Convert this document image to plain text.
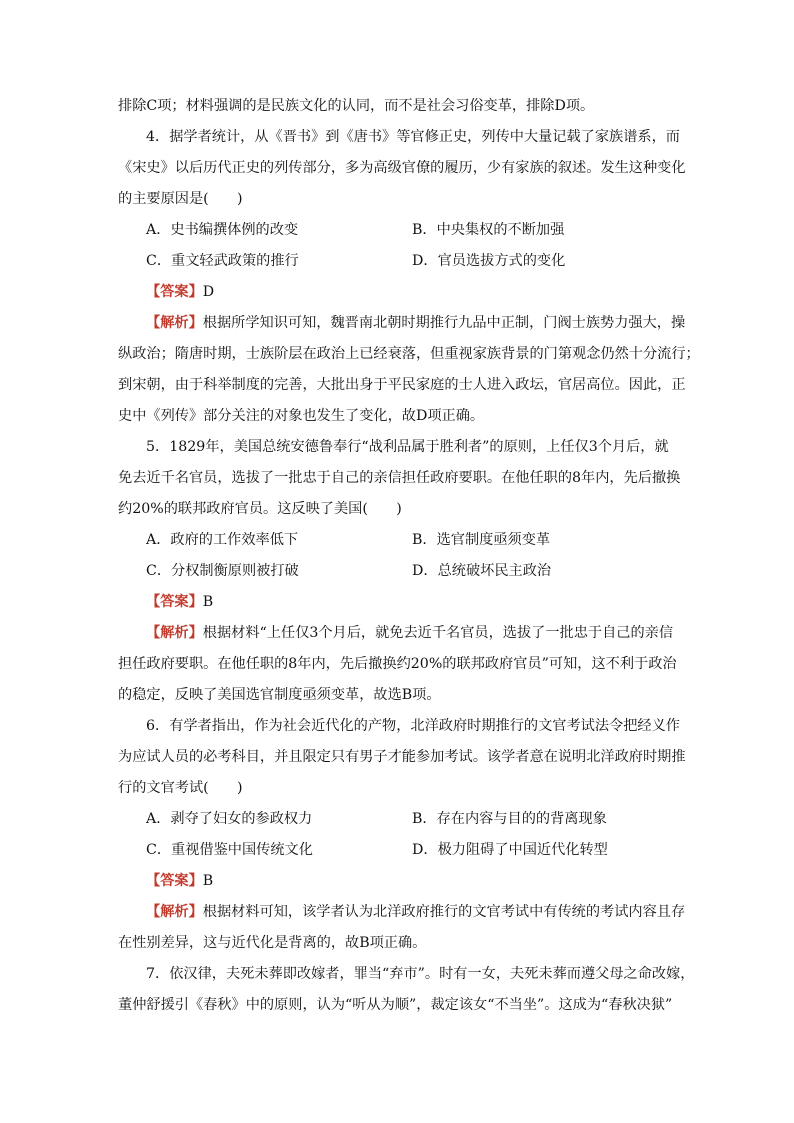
排除C项；材料强调的是民族文化的认同，而不是社会习俗变革，排除D项。
4．据学者统计，从《晋书》到《唐书》等官修正史，列传中大量记载了家族谱系，而
《宋史》以后历代正史的列传部分，多为高级官僚的履历，少有家族的叙述。发生这种变化
的主要原因是(　　)
A．史书编撰体例的改变	B．中央集权的不断加强
C．重文轻武政策的推行	D．官员选拔方式的变化
【答案】D
【解析】根据所学知识可知，魏晋南北朝时期推行九品中正制，门阀士族势力强大，操
纵政治；隋唐时期，士族阶层在政治上已经衰落，但重视家族背景的门第观念仍然十分流行；
到宋朝，由于科举制度的完善，大批出身于平民家庭的士人进入政坛，官居高位。因此，正
史中《列传》部分关注的对象也发生了变化，故D项正确。
5．1829年，美国总统安德鲁奉行“战利品属于胜利者”的原则，上任仅3个月后，就
免去近千名官员，选拔了一批忠于自己的亲信担任政府要职。在他任职的8年内，先后撤换
约20%的联邦政府官员。这反映了美国(　　)
A．政府的工作效率低下	B．选官制度亟须变革
C．分权制衡原则被打破	D．总统破坏民主政治
【答案】B
【解析】根据材料“上任仅3个月后，就免去近千名官员，选拔了一批忠于自己的亲信
担任政府要职。在他任职的8年内，先后撤换约20%的联邦政府官员”可知，这不利于政治
的稳定，反映了美国选官制度亟须变革，故选B项。
6．有学者指出，作为社会近代化的产物，北洋政府时期推行的文官考试法令把经义作
为应试人员的必考科目，并且限定只有男子才能参加考试。该学者意在说明北洋政府时期推
行的文官考试(　　)
A．剥夺了妇女的参政权力	B．存在内容与目的的背离现象
C．重视借鉴中国传统文化	D．极力阻碍了中国近代化转型
【答案】B
【解析】根据材料可知，该学者认为北洋政府推行的文官考试中有传统的考试内容且存
在性别差异，这与近代化是背离的，故B项正确。
7．依汉律，夫死未葬即改嫁者，罪当“弃市”。时有一女，夫死未葬而遵父母之命改嫁，
董仲舒援引《春秋》中的原则，认为“听从为顺”，裁定该女“不当坐”。这成为“春秋决狱”
